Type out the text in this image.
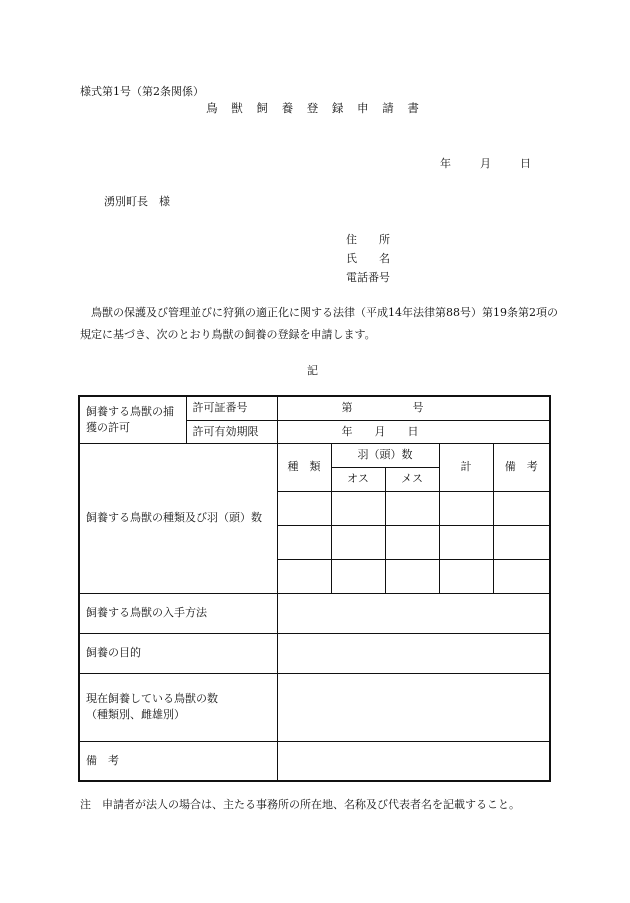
様式第1号（第2条関係）
鳥 獣 飼 養 登 録 申 請 書
年	月	日
湧別町長　様
住　　所
氏　　名
電話番号
鳥獣の保護及び管理並びに狩猟の適正化に関する法律（平成14年法律第88号）第19条第2項の規定に基づき、次のとおり鳥獣の飼養の登録を申請します。
記
飼養する鳥獣の捕獲の許可	許可証番号	第 号				

	許可有効期限	年 月 日				

飼養する鳥獣の種類及び羽（頭）数		種　類	羽（頭）数		計	備　考
			オス	メス		

飼養する鳥獣の入手方法						
飼養の目的						

現在飼養している鳥獣の数
（種類別、雌雄別）						

備　考						
注　申請者が法人の場合は、主たる事務所の所在地、名称及び代表者名を記載すること。
